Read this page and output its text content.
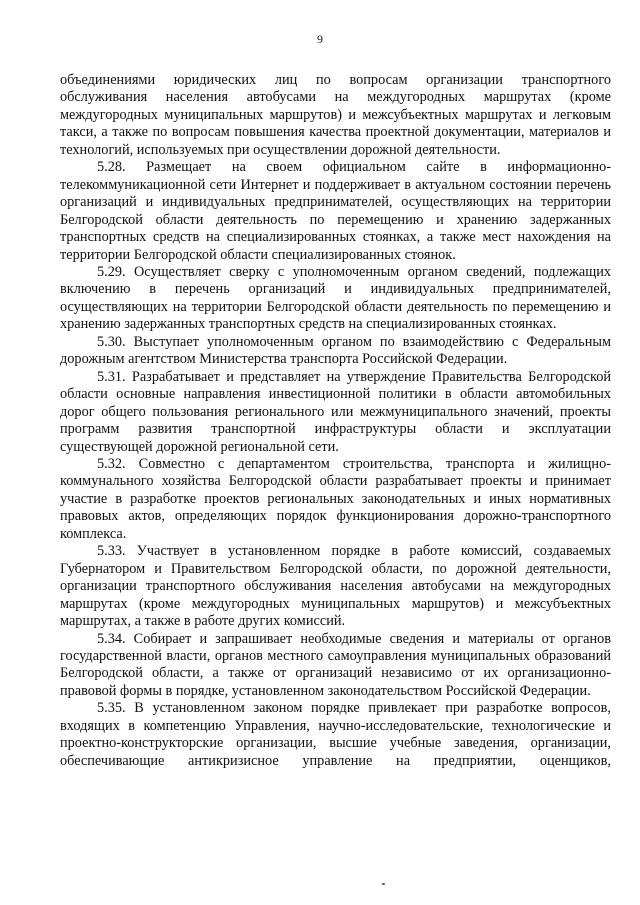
9

объединениями юридических лиц по вопросам организации транспортного обслуживания населения автобусами на междугородных маршрутах (кроме междугородных муниципальных маршрутов) и межсубъектных маршрутах и легковым такси, а также по вопросам повышения качества проектной документации, материалов и технологий, используемых при осуществлении дорожной деятельности.

5.28. Размещает на своем официальном сайте в информационно-телекоммуникационной сети Интернет и поддерживает в актуальном состоянии перечень организаций и индивидуальных предпринимателей, осуществляющих на территории Белгородской области деятельность по перемещению и хранению задержанных транспортных средств на специализированных стоянках, а также мест нахождения на территории Белгородской области специализированных стоянок.

5.29. Осуществляет сверку с уполномоченным органом сведений, подлежащих включению в перечень организаций и индивидуальных предпринимателей, осуществляющих на территории Белгородской области деятельность по перемещению и хранению задержанных транспортных средств на специализированных стоянках.

5.30. Выступает уполномоченным органом по взаимодействию с Федеральным дорожным агентством Министерства транспорта Российской Федерации.

5.31. Разрабатывает и представляет на утверждение Правительства Белгородской области основные направления инвестиционной политики в области автомобильных дорог общего пользования регионального или межмуниципального значений, проекты программ развития транспортной инфраструктуры области и эксплуатации существующей дорожной региональной сети.

5.32. Совместно с департаментом строительства, транспорта и жилищно-коммунального хозяйства Белгородской области разрабатывает проекты и принимает участие в разработке проектов региональных законодательных и иных нормативных правовых актов, определяющих порядок функционирования дорожно-транспортного комплекса.

5.33. Участвует в установленном порядке в работе комиссий, создаваемых Губернатором и Правительством Белгородской области, по дорожной деятельности, организации транспортного обслуживания населения автобусами на междугородных маршрутах (кроме междугородных муниципальных маршрутов) и межсубъектных маршрутах, а также в работе других комиссий.

5.34. Собирает и запрашивает необходимые сведения и материалы от органов государственной власти, органов местного самоуправления муниципальных образований Белгородской области, а также от организаций независимо от их организационно-правовой формы в порядке, установленном законодательством Российской Федерации.

5.35. В установленном законом порядке привлекает при разработке вопросов, входящих в компетенцию Управления, научно-исследовательские, технологические и проектно-конструкторские организации, высшие учебные заведения, организации, обеспечивающие антикризисное управление на предприятии, оценщиков,
